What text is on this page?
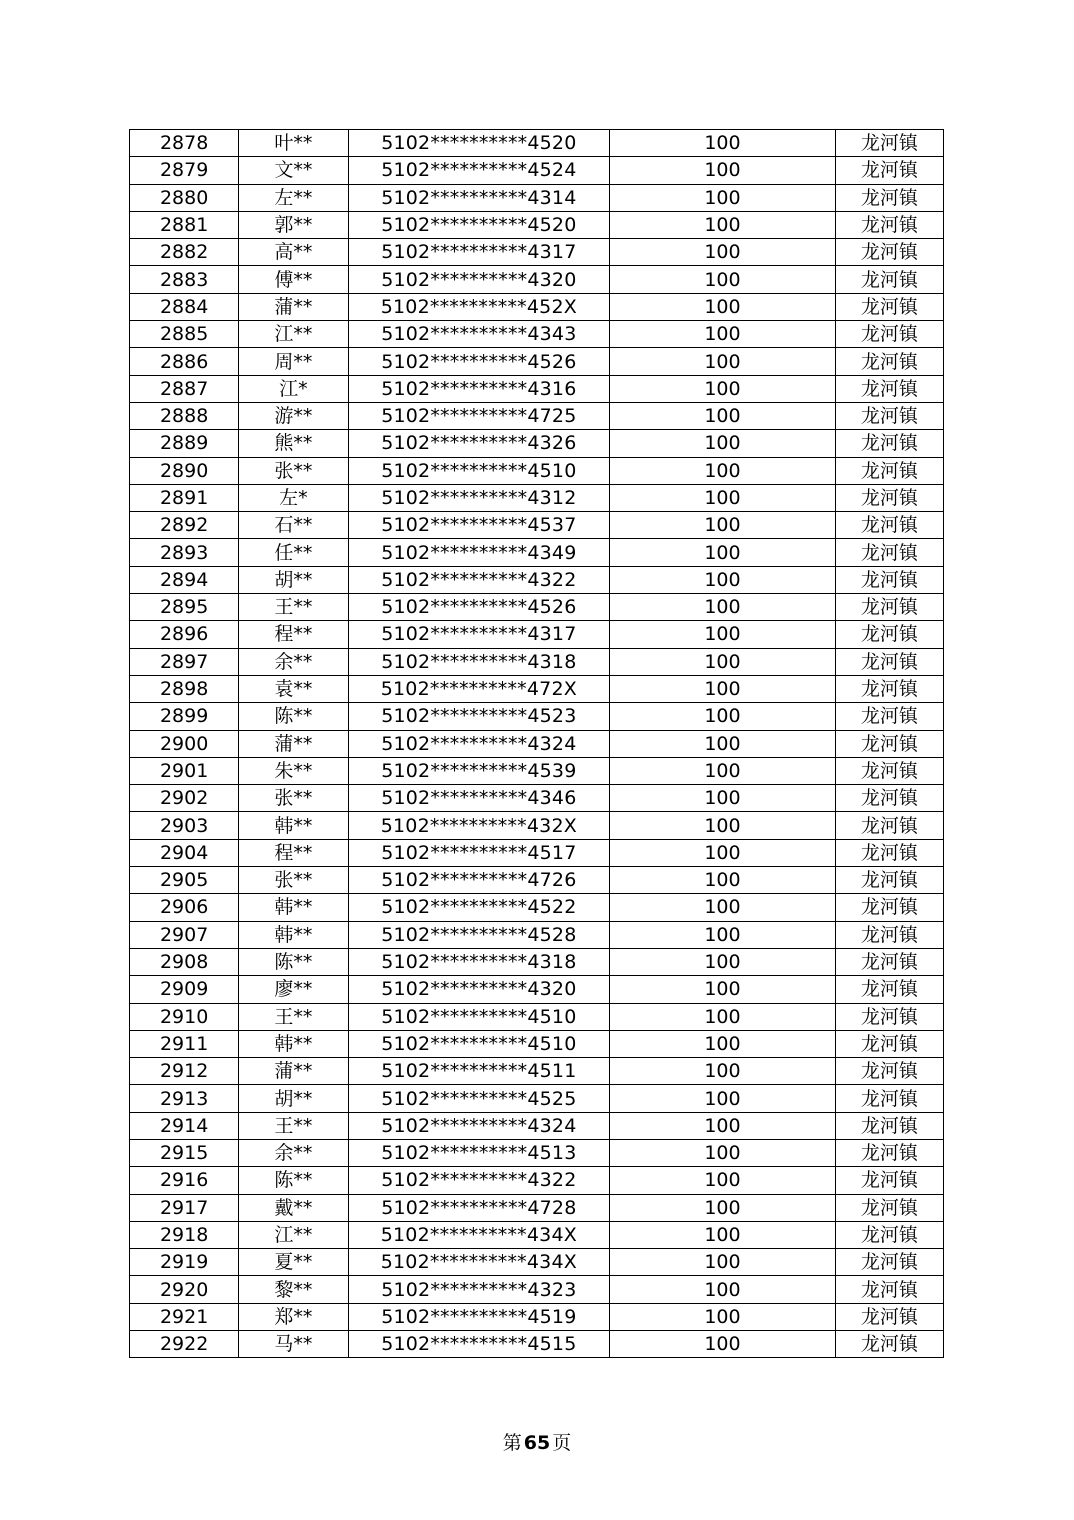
2878	叶**	5102**********4520	100	龙河镇
2879	文**	5102**********4524	100	龙河镇
2880	左**	5102**********4314	100	龙河镇
2881	郭**	5102**********4520	100	龙河镇
2882	高**	5102**********4317	100	龙河镇
2883	傅**	5102**********4320	100	龙河镇
2884	蒲**	5102**********452X	100	龙河镇
2885	江**	5102**********4343	100	龙河镇
2886	周**	5102**********4526	100	龙河镇
2887	江*	5102**********4316	100	龙河镇
2888	游**	5102**********4725	100	龙河镇
2889	熊**	5102**********4326	100	龙河镇
2890	张**	5102**********4510	100	龙河镇
2891	左*	5102**********4312	100	龙河镇
2892	石**	5102**********4537	100	龙河镇
2893	任**	5102**********4349	100	龙河镇
2894	胡**	5102**********4322	100	龙河镇
2895	王**	5102**********4526	100	龙河镇
2896	程**	5102**********4317	100	龙河镇
2897	余**	5102**********4318	100	龙河镇
2898	袁**	5102**********472X	100	龙河镇
2899	陈**	5102**********4523	100	龙河镇
2900	蒲**	5102**********4324	100	龙河镇
2901	朱**	5102**********4539	100	龙河镇
2902	张**	5102**********4346	100	龙河镇
2903	韩**	5102**********432X	100	龙河镇
2904	程**	5102**********4517	100	龙河镇
2905	张**	5102**********4726	100	龙河镇
2906	韩**	5102**********4522	100	龙河镇
2907	韩**	5102**********4528	100	龙河镇
2908	陈**	5102**********4318	100	龙河镇
2909	廖**	5102**********4320	100	龙河镇
2910	王**	5102**********4510	100	龙河镇
2911	韩**	5102**********4510	100	龙河镇
2912	蒲**	5102**********4511	100	龙河镇
2913	胡**	5102**********4525	100	龙河镇
2914	王**	5102**********4324	100	龙河镇
2915	余**	5102**********4513	100	龙河镇
2916	陈**	5102**********4322	100	龙河镇
2917	戴**	5102**********4728	100	龙河镇
2918	江**	5102**********434X	100	龙河镇
2919	夏**	5102**********434X	100	龙河镇
2920	黎**	5102**********4323	100	龙河镇
2921	郑**	5102**********4519	100	龙河镇
2922	马**	5102**********4515	100	龙河镇
第 65 页
